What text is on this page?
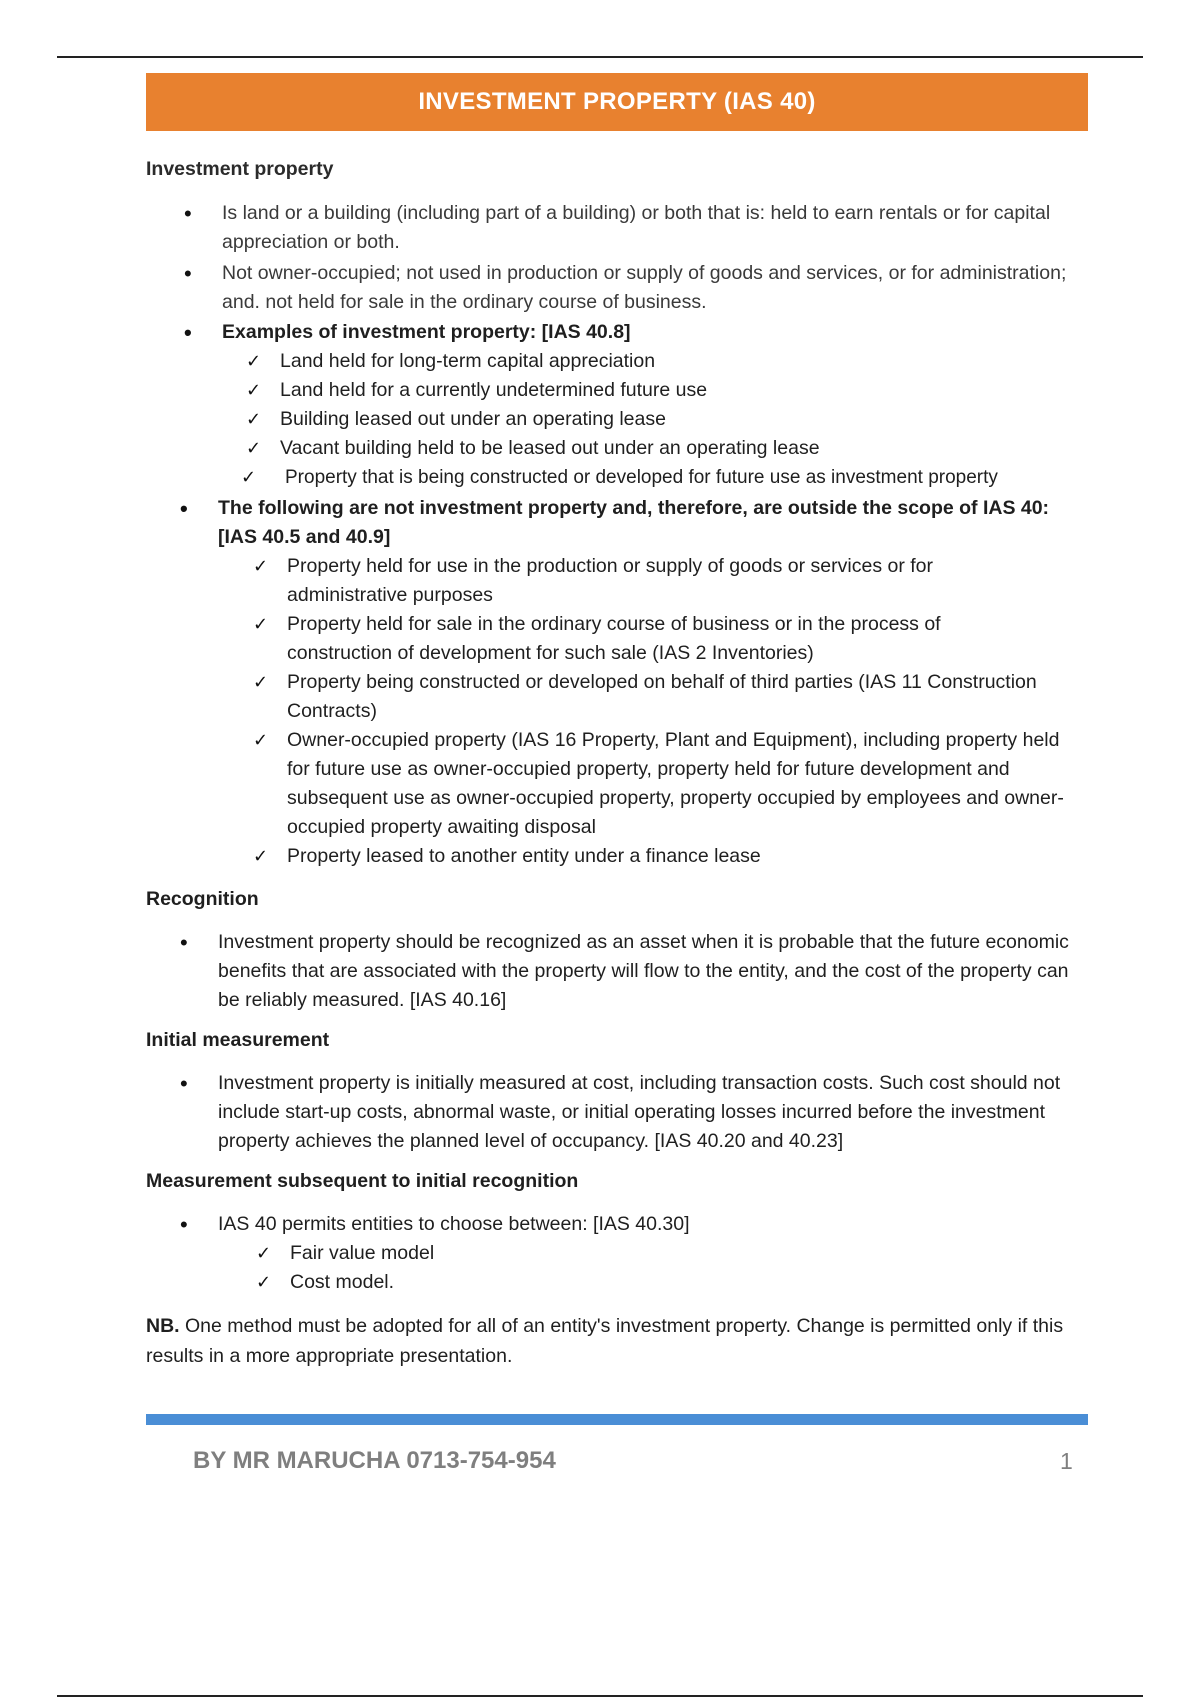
INVESTMENT PROPERTY (IAS 40)

Investment property

• Is land or a building (including part of a building) or both that is: held to earn rentals or for capital appreciation or both.
• Not owner-occupied; not used in production or supply of goods and services, or for administration; and. not held for sale in the ordinary course of business.
• Examples of investment property: [IAS 40.8]
✓ Land held for long-term capital appreciation
✓ Land held for a currently undetermined future use
✓ Building leased out under an operating lease
✓ Vacant building held to be leased out under an operating lease
✓ Property that is being constructed or developed for future use as investment property
• The following are not investment property and, therefore, are outside the scope of IAS 40: [IAS 40.5 and 40.9]
✓ Property held for use in the production or supply of goods or services or for administrative purposes
✓ Property held for sale in the ordinary course of business or in the process of construction of development for such sale (IAS 2 Inventories)
✓ Property being constructed or developed on behalf of third parties (IAS 11 Construction Contracts)
✓ Owner-occupied property (IAS 16 Property, Plant and Equipment), including property held for future use as owner-occupied property, property held for future development and subsequent use as owner-occupied property, property occupied by employees and owner-occupied property awaiting disposal
✓ Property leased to another entity under a finance lease

Recognition

• Investment property should be recognized as an asset when it is probable that the future economic benefits that are associated with the property will flow to the entity, and the cost of the property can be reliably measured. [IAS 40.16]

Initial measurement

• Investment property is initially measured at cost, including transaction costs. Such cost should not include start-up costs, abnormal waste, or initial operating losses incurred before the investment property achieves the planned level of occupancy. [IAS 40.20 and 40.23]

Measurement subsequent to initial recognition

• IAS 40 permits entities to choose between: [IAS 40.30]
✓ Fair value model
✓ Cost model.

NB. One method must be adopted for all of an entity's investment property. Change is permitted only if this results in a more appropriate presentation.

BY MR MARUCHA 0713-754-954	1
